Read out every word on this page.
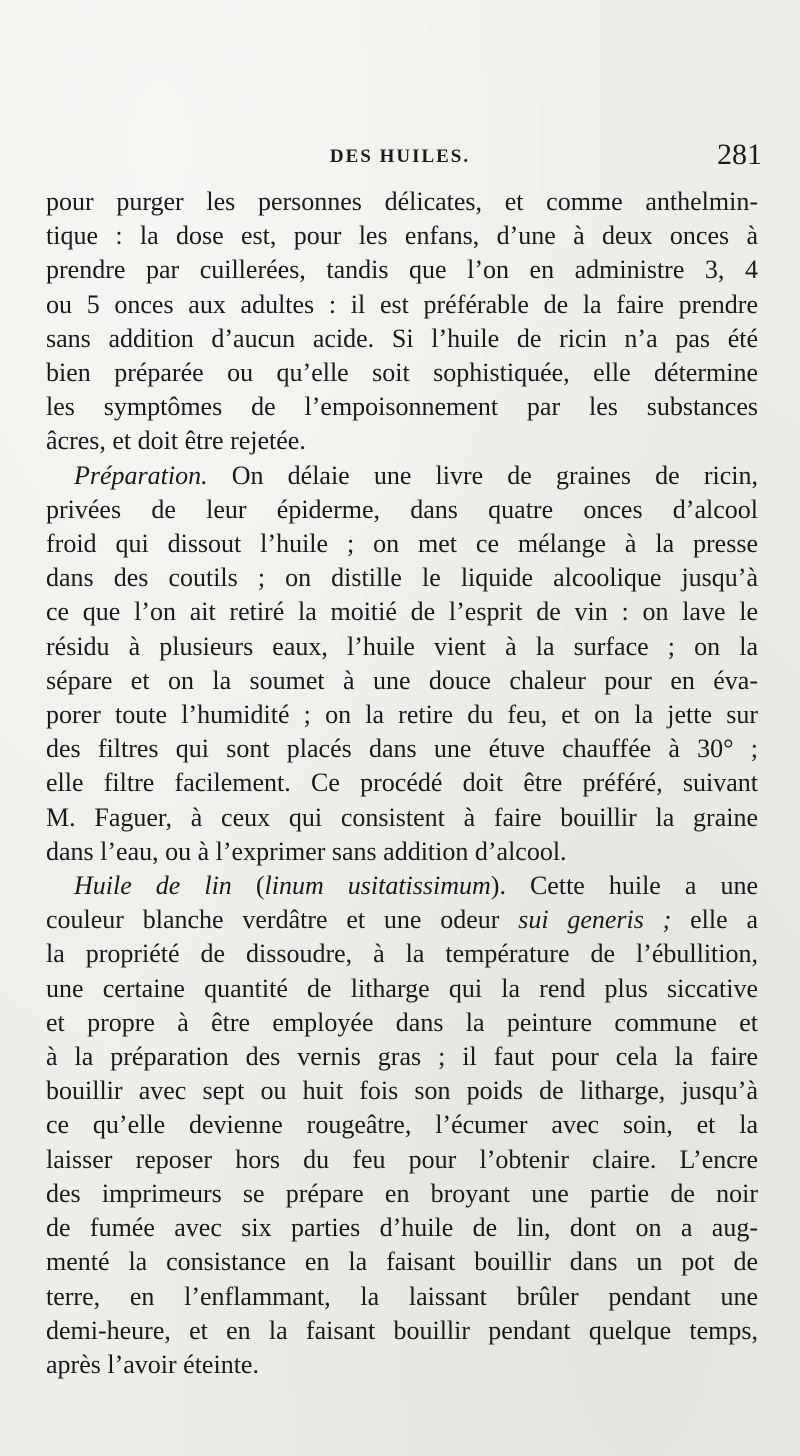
DES HUILES.	281
pour purger les personnes délicates, et comme anthelmin-
tique : la dose est, pour les enfans, d’une à deux onces à
prendre par cuillerées, tandis que l’on en administre 3, 4
ou 5 onces aux adultes : il est préférable de la faire prendre
sans addition d’aucun acide. Si l’huile de ricin n’a pas été
bien préparée ou qu’elle soit sophistiquée, elle détermine
les symptômes de l’empoisonnement par les substances
âcres, et doit être rejetée.
Préparation. On délaie une livre de graines de ricin,
privées de leur épiderme, dans quatre onces d’alcool
froid qui dissout l’huile ; on met ce mélange à la presse
dans des coutils ; on distille le liquide alcoolique jusqu’à
ce que l’on ait retiré la moitié de l’esprit de vin : on lave le
résidu à plusieurs eaux, l’huile vient à la surface ; on la
sépare et on la soumet à une douce chaleur pour en éva-
porer toute l’humidité ; on la retire du feu, et on la jette sur
des filtres qui sont placés dans une étuve chauffée à 30° ;
elle filtre facilement. Ce procédé doit être préféré, suivant
M. Faguer, à ceux qui consistent à faire bouillir la graine
dans l’eau, ou à l’exprimer sans addition d’alcool.
Huile de lin (linum usitatissimum). Cette huile a une
couleur blanche verdâtre et une odeur sui generis ; elle a
la propriété de dissoudre, à la température de l’ébullition,
une certaine quantité de litharge qui la rend plus siccative
et propre à être employée dans la peinture commune et
à la préparation des vernis gras ; il faut pour cela la faire
bouillir avec sept ou huit fois son poids de litharge, jusqu’à
ce qu’elle devienne rougeâtre, l’écumer avec soin, et la
laisser reposer hors du feu pour l’obtenir claire. L’encre
des imprimeurs se prépare en broyant une partie de noir
de fumée avec six parties d’huile de lin, dont on a aug-
menté la consistance en la faisant bouillir dans un pot de
terre, en l’enflammant, la laissant brûler pendant une
demi-heure, et en la faisant bouillir pendant quelque temps,
après l’avoir éteinte.
